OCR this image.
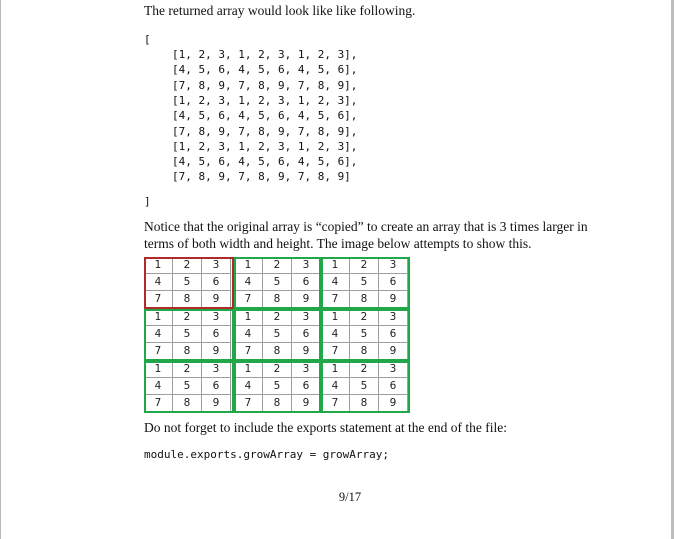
The returned array would look like like following.
[
[1, 2, 3, 1, 2, 3, 1, 2, 3],
[4, 5, 6, 4, 5, 6, 4, 5, 6],
[7, 8, 9, 7, 8, 9, 7, 8, 9],
[1, 2, 3, 1, 2, 3, 1, 2, 3],
[4, 5, 6, 4, 5, 6, 4, 5, 6],
[7, 8, 9, 7, 8, 9, 7, 8, 9],
[1, 2, 3, 1, 2, 3, 1, 2, 3],
[4, 5, 6, 4, 5, 6, 4, 5, 6],
[7, 8, 9, 7, 8, 9, 7, 8, 9]
]
Notice that the original array is “copied” to create an array that is 3 times larger in
terms of both width and height. The image below attempts to show this.
1	2	3	1	2	3	1	2	3
4	5	6	4	5	6	4	5	6
7	8	9	7	8	9	7	8	9
1	2	3	1	2	3	1	2	3
4	5	6	4	5	6	4	5	6
7	8	9	7	8	9	7	8	9
1	2	3	1	2	3	1	2	3
4	5	6	4	5	6	4	5	6
7	8	9	7	8	9	7	8	9
Do not forget to include the exports statement at the end of the file:
module.exports.growArray = growArray;
9/17
